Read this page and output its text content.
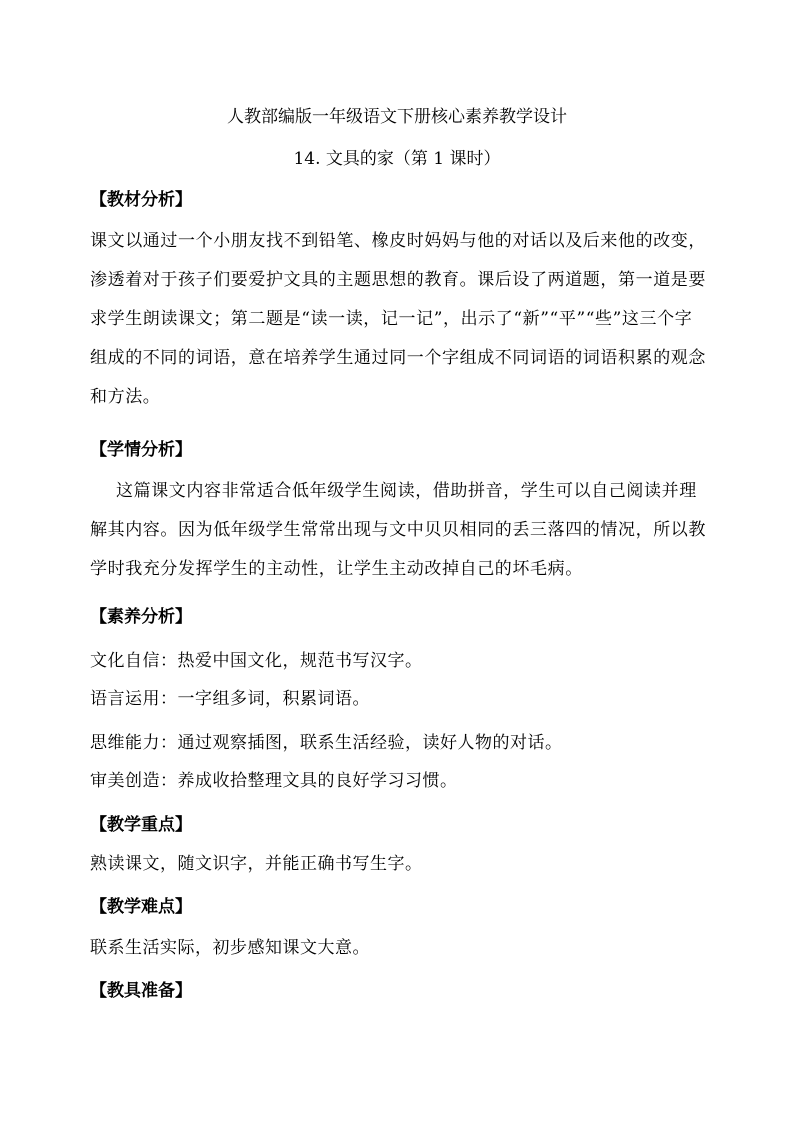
人教部编版一年级语文下册核心素养教学设计
14. 文具的家（第 1 课时）
【教材分析】
课文以通过一个小朋友找不到铅笔、橡皮时妈妈与他的对话以及后来他的改变，渗透着对于孩子们要爱护文具的主题思想的教育。课后设了两道题，第一道是要求学生朗读课文；第二题是“读一读，记一记”，出示了“新”“平”“些”这三个字组成的不同的词语，意在培养学生通过同一个字组成不同词语的词语积累的观念和方法。
【学情分析】
这篇课文内容非常适合低年级学生阅读，借助拼音，学生可以自己阅读并理解其内容。因为低年级学生常常出现与文中贝贝相同的丢三落四的情况，所以教学时我充分发挥学生的主动性，让学生主动改掉自己的坏毛病。
【素养分析】
文化自信：热爱中国文化，规范书写汉字。
语言运用：一字组多词，积累词语。
思维能力：通过观察插图，联系生活经验，读好人物的对话。
审美创造：养成收拾整理文具的良好学习习惯。
【教学重点】
熟读课文，随文识字，并能正确书写生字。
【教学难点】
联系生活实际，初步感知课文大意。
【教具准备】
